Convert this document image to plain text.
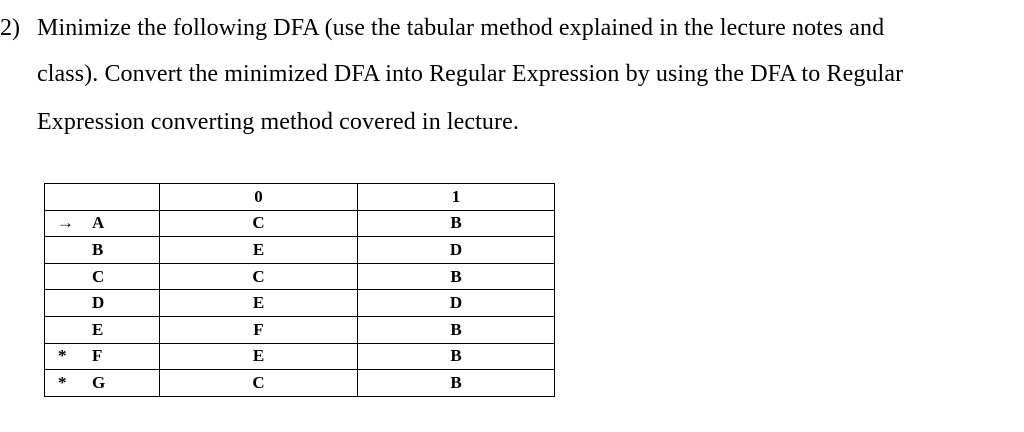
2) Minimize the following DFA (use the tabular method explained in the lecture notes and
class). Convert the minimized DFA into Regular Expression by using the DFA to Regular
Expression converting method covered in lecture.
	0	1

→ A	C	B

B	E	D

C	C	B

D	E	D

E	F	B

* F	E	B

* G	C	B
